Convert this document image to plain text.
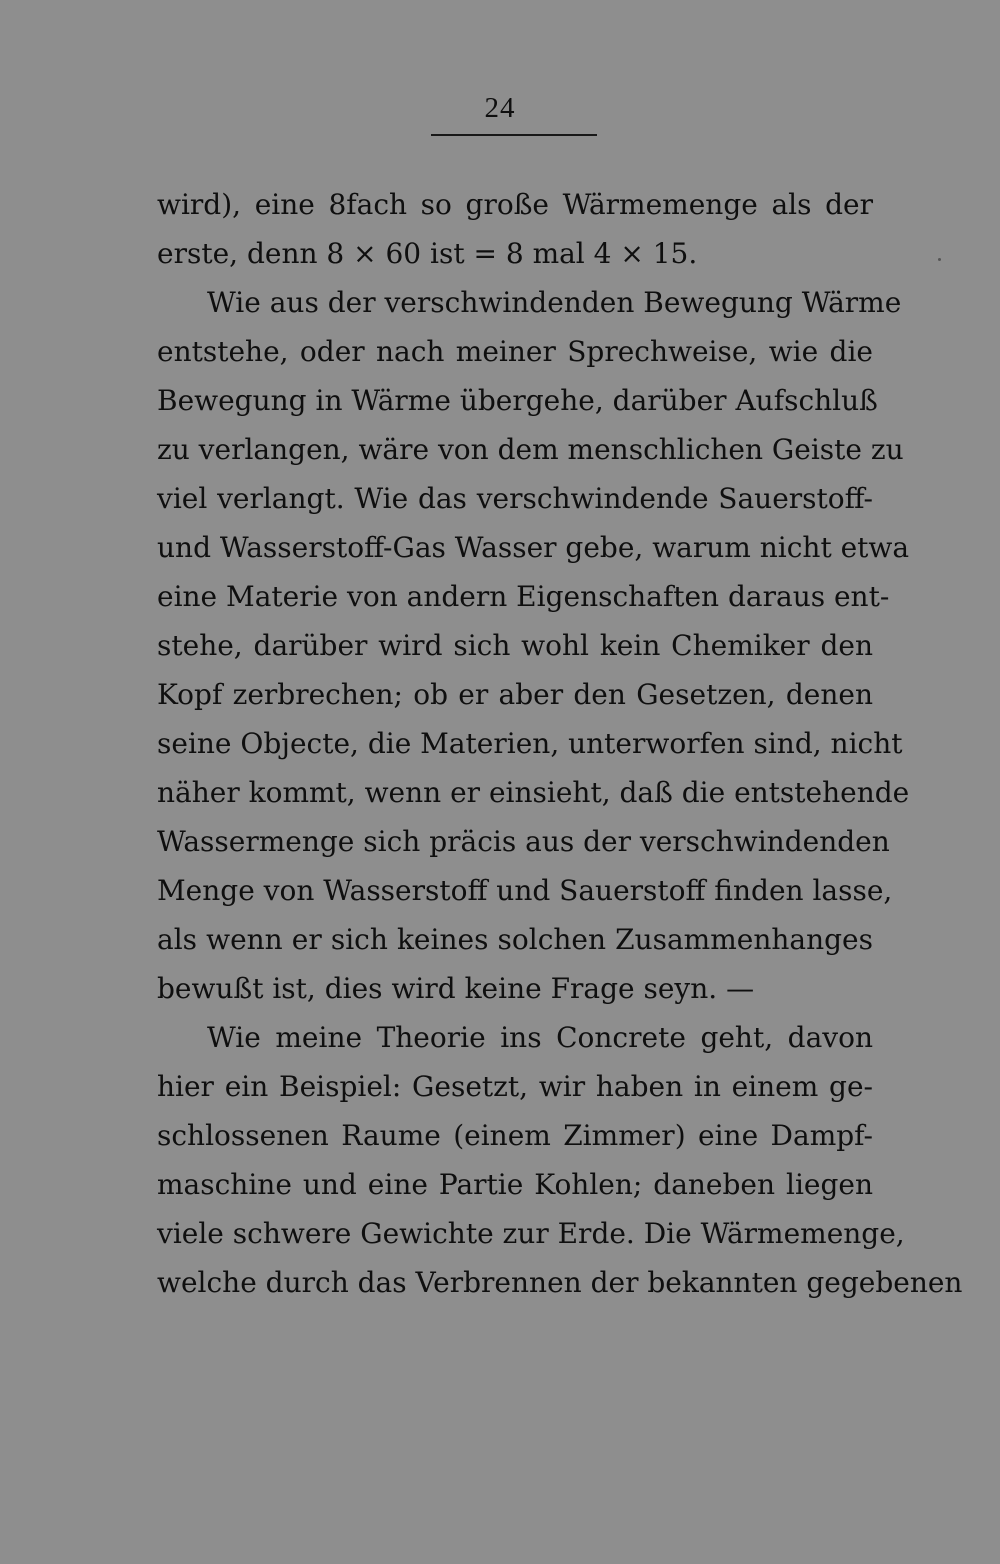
24
wird), eine 8fach so große Wärmemenge als der
erste, denn 8 × 60 ist = 8 mal 4 × 15.
Wie aus der verschwindenden Bewegung Wärme
entstehe, oder nach meiner Sprechweise, wie die
Bewegung in Wärme übergehe, darüber Aufschluß
zu verlangen, wäre von dem menschlichen Geiste zu
viel verlangt. Wie das verschwindende Sauerstoff-
und Wasserstoff-Gas Wasser gebe, warum nicht etwa
eine Materie von andern Eigenschaften daraus ent-
stehe, darüber wird sich wohl kein Chemiker den
Kopf zerbrechen; ob er aber den Gesetzen, denen
seine Objecte, die Materien, unterworfen sind, nicht
näher kommt, wenn er einsieht, daß die entstehende
Wassermenge sich präcis aus der verschwindenden
Menge von Wasserstoff und Sauerstoff finden lasse,
als wenn er sich keines solchen Zusammenhanges
bewußt ist, dies wird keine Frage seyn. —
Wie meine Theorie ins Concrete geht, davon
hier ein Beispiel: Gesetzt, wir haben in einem ge-
schlossenen Raume (einem Zimmer) eine Dampf-
maschine und eine Partie Kohlen; daneben liegen
viele schwere Gewichte zur Erde. Die Wärmemenge,
welche durch das Verbrennen der bekannten gegebenen
